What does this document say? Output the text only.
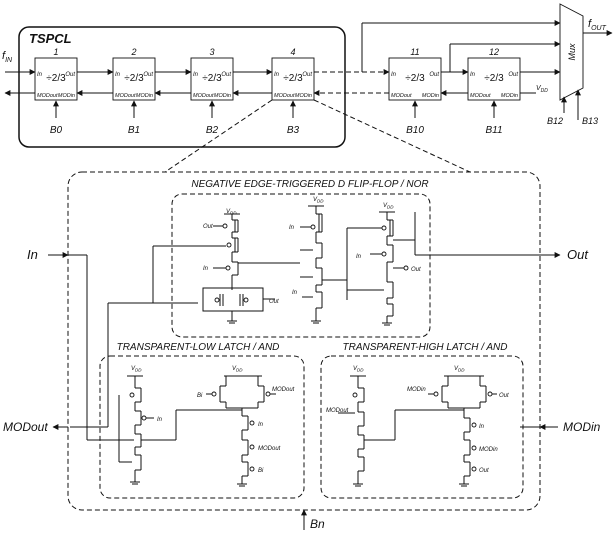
TSPCL
$f_{IN}$
1
In	Out
÷2/3
MODout MODin
B0
2
In	Out
÷2/3
MODout MODin
B1
3
In	Out
÷2/3
MODout MODin
B2
4
In	Out
÷2/3
MODout MODin
B3
11
In	Out
÷2/3
MODout MODin
B10
12
In	Out
÷2/3
MODout MODin
B11
$V_{DD}$
Mux
$f_{OUT}$
B12 B13
In	Out
MODout	MODin
Bn
NEGATIVE EDGE-TRIGGERED D FLIP-FLOP / NOR
$V_{DD}$
Out
In
Out
$V_{DD}$
In
In
$V_{DD}$
In
Out
TRANSPARENT-LOW LATCH / AND
$V_{DD}$
In
$V_{DD}$
Bi
MODout
In
MODout
Bi
TRANSPARENT-HIGH LATCH / AND
$V_{DD}$
MODout
$V_{DD}$
MODin
Out
In
MODin
Out
